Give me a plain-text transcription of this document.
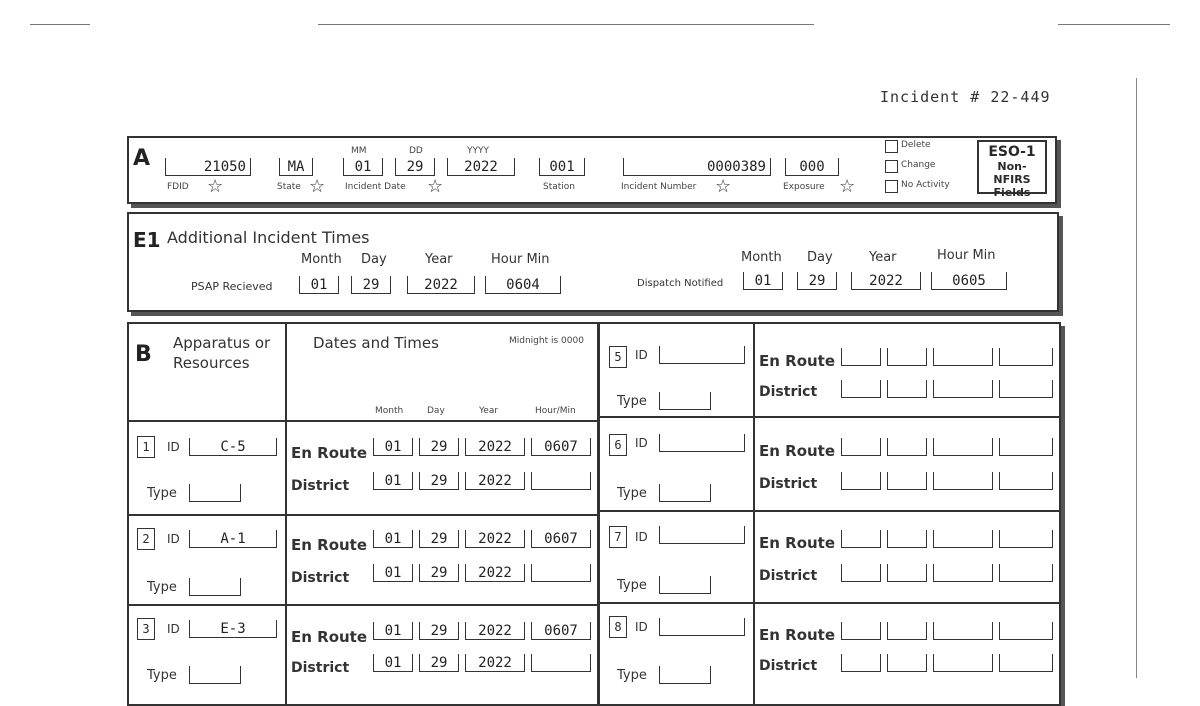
Incident # 22-449
A	21050
FDID ☆
MA
State ☆
MM	DD	YYYY
01	29	2022
Incident Date ☆
001
Station
0000389
Incident Number ☆
000
Exposure ☆
Delete
Change
No Activity
ESO-1
Non-NFIRS
Fields
E1 Additional Incident Times
Month Day	Year	Hour Min
PSAP Recieved	01	29	2022	0604
Month Day	Year	Hour Min
Dispatch Notified	01	29	2022	0605
B Apparatus or
Resources
Dates and Times	Midnight is 0000
Month	Day	Year	Hour/Min
1	ID	C-5
Type
En Route	01	29	2022	0607
District	01	29	2022
2	ID	A-1
Type
En Route	01	29	2022	0607
District	01	29	2022
3	ID	E-3
Type
En Route	01	29	2022	0607
District	01	29	2022
5	ID
Type
En Route
District
6	ID
Type
En Route
District
7	ID
Type
En Route
District
8	ID
Type
En Route
District
